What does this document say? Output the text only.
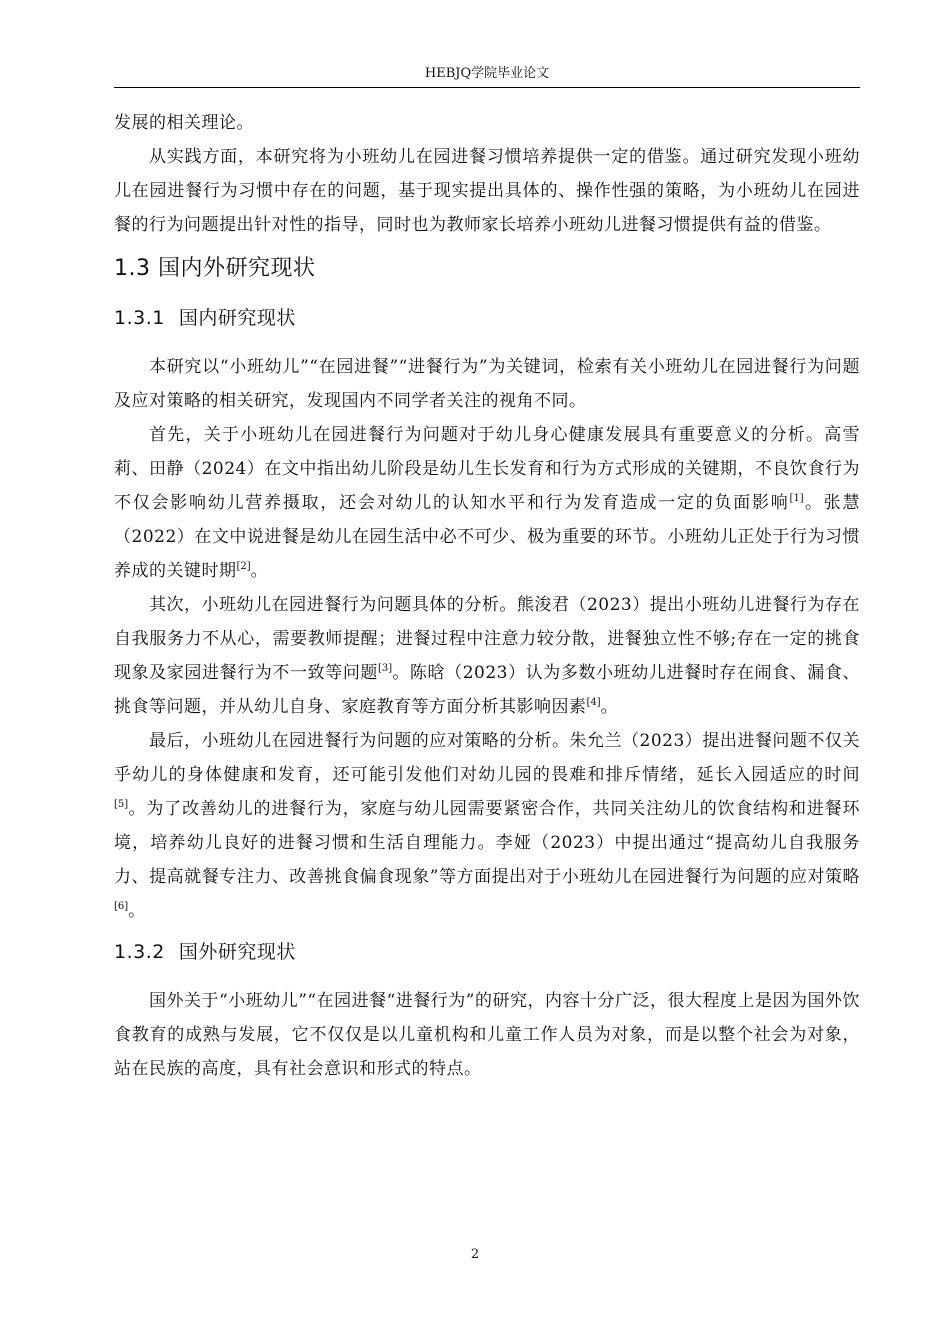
HEBJQ学院毕业论文

发展的相关理论。

从实践方面，本研究将为小班幼儿在园进餐习惯培养提供一定的借鉴。通过研究发现小班幼儿在园进餐行为习惯中存在的问题，基于现实提出具体的、操作性强的策略，为小班幼儿在园进餐的行为问题提出针对性的指导，同时也为教师家长培养小班幼儿进餐习惯提供有益的借鉴。

1.3 国内外研究现状
1.3.1 国内研究现状

本研究以“小班幼儿”“在园进餐”“进餐行为”为关键词，检索有关小班幼儿在园进餐行为问题及应对策略的相关研究，发现国内不同学者关注的视角不同。

首先，关于小班幼儿在园进餐行为问题对于幼儿身心健康发展具有重要意义的分析。高雪莉、田静（2024）在文中指出幼儿阶段是幼儿生长发育和行为方式形成的关键期，不良饮食行为不仅会影响幼儿营养摄取，还会对幼儿的认知水平和行为发育造成一定的负面影响[1]。张慧（2022）在文中说进餐是幼儿在园生活中必不可少、极为重要的环节。小班幼儿正处于行为习惯养成的关键时期[2]。

其次，小班幼儿在园进餐行为问题具体的分析。熊浚君（2023）提出小班幼儿进餐行为存在自我服务力不从心，需要教师提醒；进餐过程中注意力较分散，进餐独立性不够;存在一定的挑食现象及家园进餐行为不一致等问题[3]。陈晗（2023）认为多数小班幼儿进餐时存在闹食、漏食、挑食等问题，并从幼儿自身、家庭教育等方面分析其影响因素[4]。

最后，小班幼儿在园进餐行为问题的应对策略的分析。朱允兰（2023）提出进餐问题不仅关乎幼儿的身体健康和发育，还可能引发他们对幼儿园的畏难和排斥情绪，延长入园适应的时间[5]。为了改善幼儿的进餐行为，家庭与幼儿园需要紧密合作，共同关注幼儿的饮食结构和进餐环境，培养幼儿良好的进餐习惯和生活自理能力。李娅（2023）中提出通过“提高幼儿自我服务力、提高就餐专注力、改善挑食偏食现象”等方面提出对于小班幼儿在园进餐行为问题的应对策略[6]。

1.3.2 国外研究现状

国外关于“小班幼儿”“在园进餐“进餐行为”的研究，内容十分广泛，很大程度上是因为国外饮食教育的成熟与发展，它不仅仅是以儿童机构和儿童工作人员为对象，而是以整个社会为对象，站在民族的高度，具有社会意识和形式的特点。

2
